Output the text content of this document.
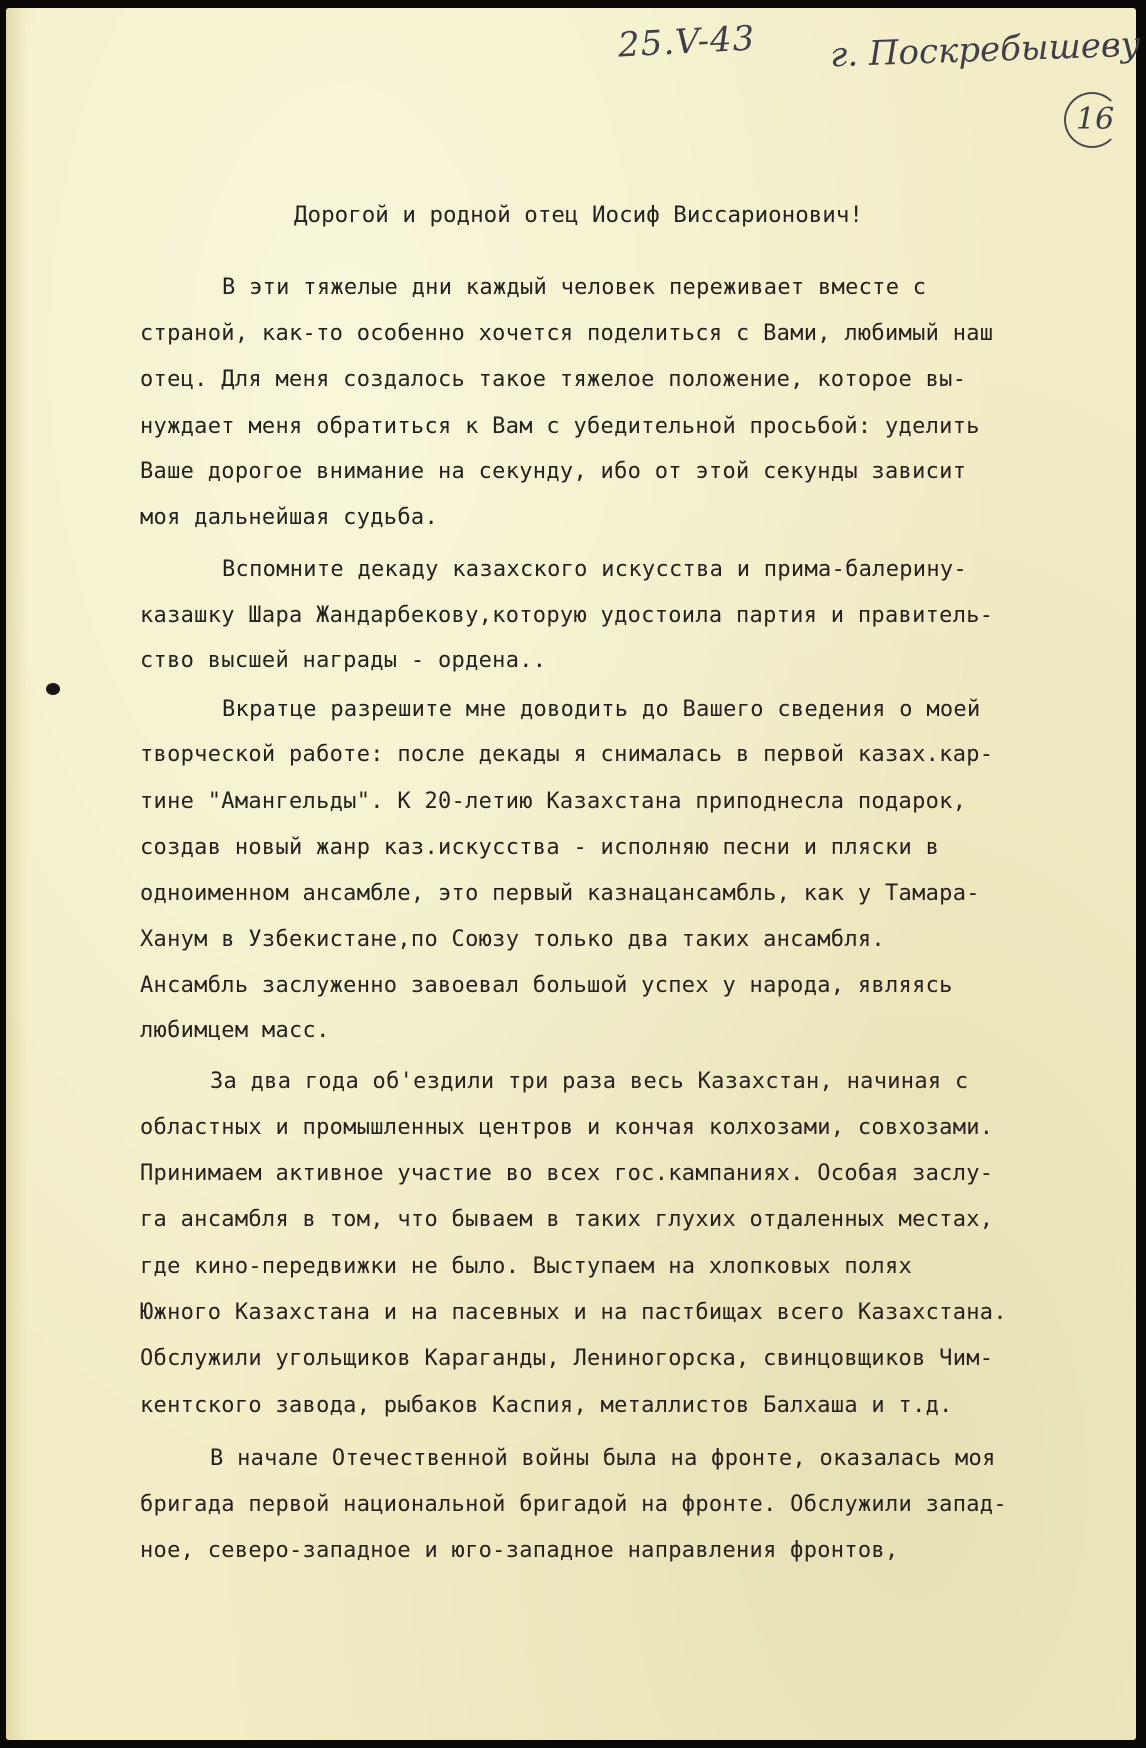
25.V-43 г. Поскребышеву
16
Дорогой и родной отец Иосиф Виссарионович!
В эти тяжелые дни каждый человек переживает вместе с
страной, как-то особенно хочется поделиться с Вами, любимый наш
отец. Для меня создалось такое тяжелое положение, которое вы-
нуждает меня обратиться к Вам с убедительной просьбой: уделить
Ваше дорогое внимание на секунду, ибо от этой секунды зависит
моя дальнейшая судьба.
Вспомните декаду казахского искусства и прима-балерину-
казашку Шара Жандарбекову,которую удостоила партия и правитель-
ство высшей награды - ордена..
Вкратце разрешите мне доводить до Вашего сведения о моей
творческой работе: после декады я снималась в первой казах.кар-
тине "Амангельды". К 20-летию Казахстана приподнесла подарок,
создав новый жанр каз.искусства - исполняю песни и пляски в
одноименном ансамбле, это первый казнацансамбль, как у Тамара-
Ханум в Узбекистане,по Союзу только два таких ансамбля.
Ансамбль заслуженно завоевал большой успех у народа, являясь
любимцем масс.
За два года об'ездили три раза весь Казахстан, начиная с
областных и промышленных центров и кончая колхозами, совхозами.
Принимаем активное участие во всех гос.кампаниях. Особая заслу-
га ансамбля в том, что бываем в таких глухих отдаленных местах,
где кино-передвижки не было. Выступаем на хлопковых полях
Южного Казахстана и на пасевных и на пастбищах всего Казахстана.
Обслужили угольщиков Караганды, Лениногорска, свинцовщиков Чим-
кентского завода, рыбаков Каспия, металлистов Балхаша и т.д.
В начале Отечественной войны была на фронте, оказалась моя
бригада первой национальной бригадой на фронте. Обслужили запад-
ное, северо-западное и юго-западное направления фронтов,
